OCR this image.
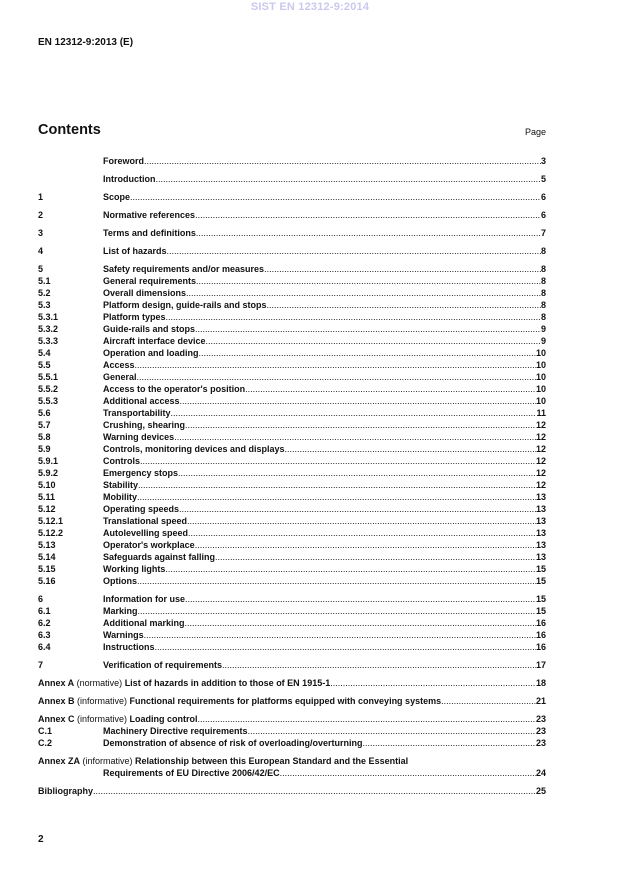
SIST EN 12312-9:2014
EN 12312-9:2013 (E)
Contents	Page
Foreword .....	3
Introduction .....	5
1	Scope .....	6
2	Normative references .....	6
3	Terms and definitions .....	7
4	List of hazards .....	8
5	Safety requirements and/or measures .....	8
5.1	General requirements .....	8
5.2	Overall dimensions .....	8
5.3	Platform design, guide-rails and stops .....	8
5.3.1	Platform types .....	8
5.3.2	Guide-rails and stops .....	9
5.3.3	Aircraft interface device .....	9
5.4	Operation and loading .....	10
5.5	Access .....	10
5.5.1	General .....	10
5.5.2	Access to the operator's position .....	10
5.5.3	Additional access .....	10
5.6	Transportability .....	11
5.7	Crushing, shearing .....	12
5.8	Warning devices .....	12
5.9	Controls, monitoring devices and displays .....	12
5.9.1	Controls .....	12
5.9.2	Emergency stops .....	12
5.10	Stability .....	12
5.11	Mobility .....	13
5.12	Operating speeds .....	13
5.12.1	Translational speed .....	13
5.12.2	Autolevelling speed .....	13
5.13	Operator's workplace .....	13
5.14	Safeguards against falling .....	13
5.15	Working lights .....	15
5.16	Options .....	15
6	Information for use .....	15
6.1	Marking .....	15
6.2	Additional marking .....	16
6.3	Warnings .....	16
6.4	Instructions .....	16
7	Verification of requirements .....	17
Annex A (normative) List of hazards in addition to those of EN 1915-1 .....	18
Annex B (informative) Functional requirements for platforms equipped with conveying systems .....	21
Annex C (informative) Loading control .....	23
C.1	Machinery Directive requirements .....	23
C.2	Demonstration of absence of risk of overloading/overturning .....	23
Annex ZA (informative) Relationship between this European Standard and the Essential
Requirements of EU Directive 2006/42/EC .....	24
Bibliography .....	25
2
